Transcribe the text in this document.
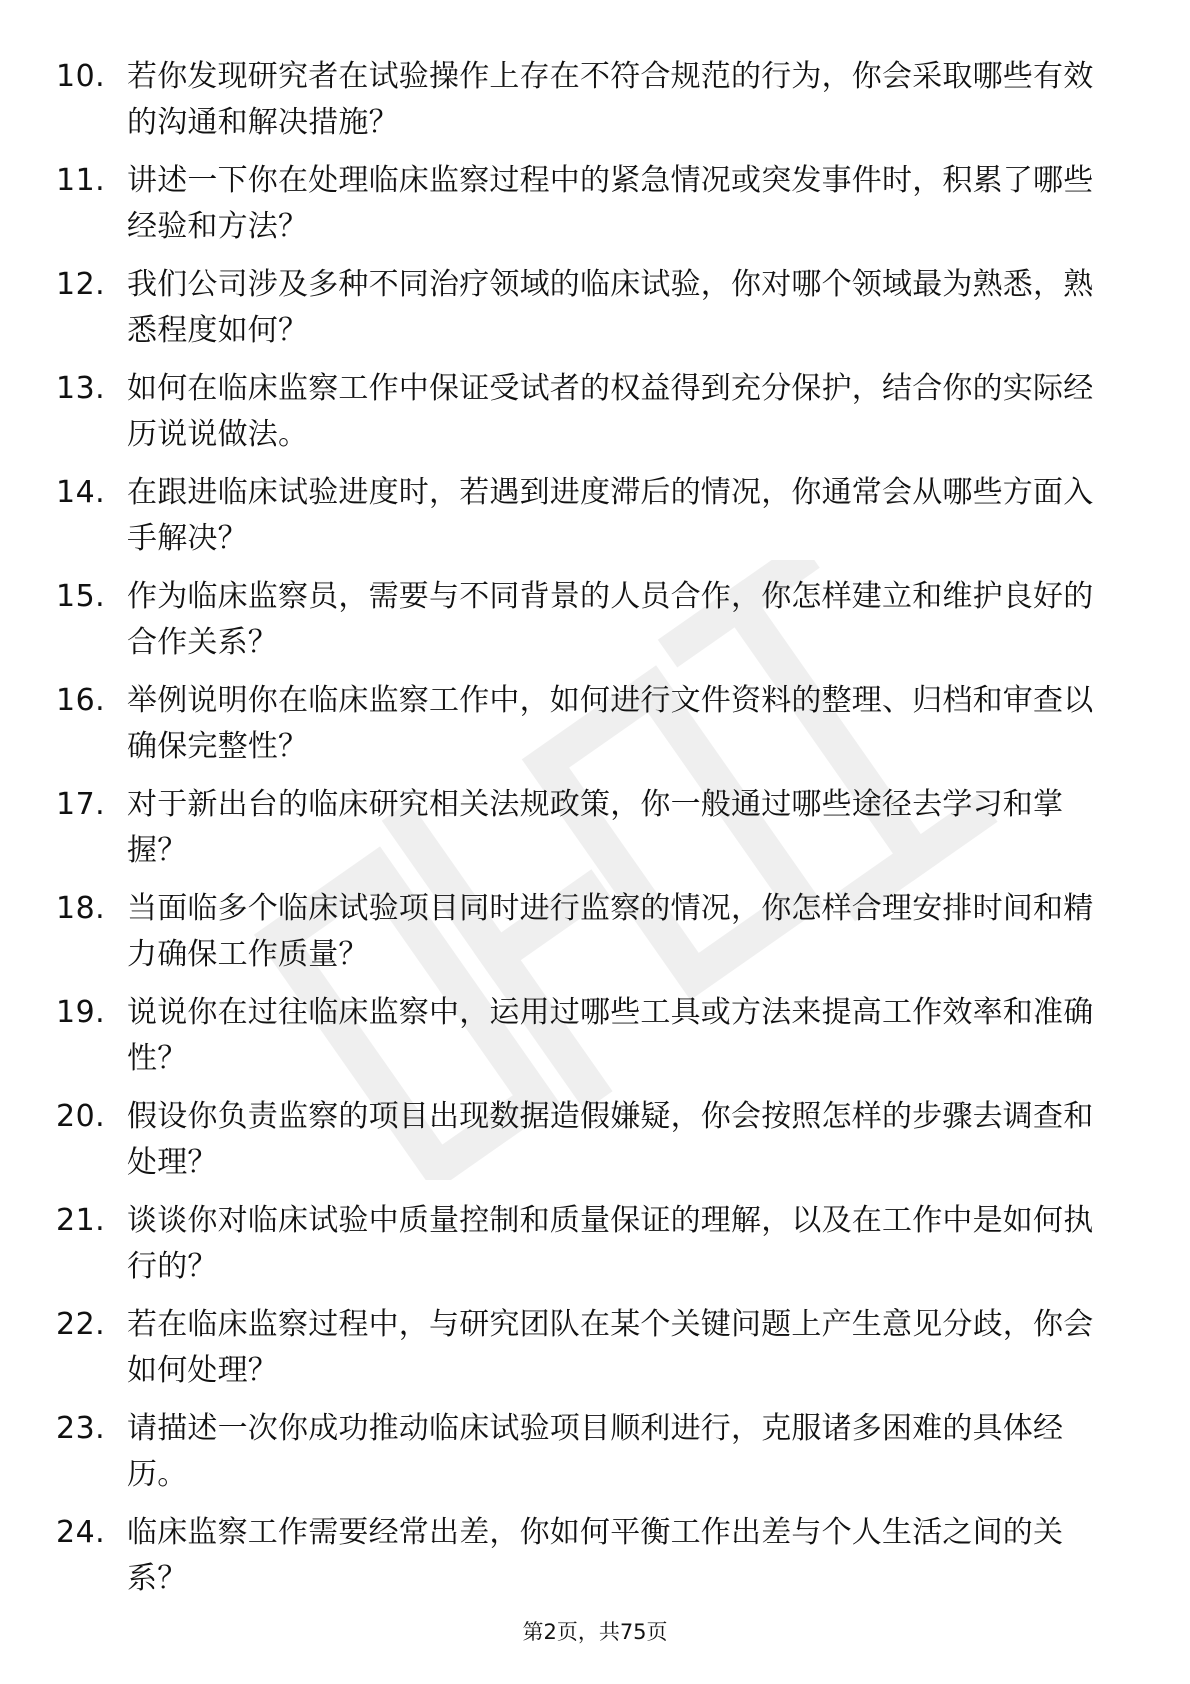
10. 若你发现研究者在试验操作上存在不符合规范的行为，你会采取哪些有效的沟通和解决措施？
11. 讲述一下你在处理临床监察过程中的紧急情况或突发事件时，积累了哪些经验和方法？
12. 我们公司涉及多种不同治疗领域的临床试验，你对哪个领域最为熟悉，熟悉程度如何？
13. 如何在临床监察工作中保证受试者的权益得到充分保护，结合你的实际经历说说做法。
14. 在跟进临床试验进度时，若遇到进度滞后的情况，你通常会从哪些方面入手解决？
15. 作为临床监察员，需要与不同背景的人员合作，你怎样建立和维护良好的合作关系？
16. 举例说明你在临床监察工作中，如何进行文件资料的整理、归档和审查以确保完整性？
17. 对于新出台的临床研究相关法规政策，你一般通过哪些途径去学习和掌握？
18. 当面临多个临床试验项目同时进行监察的情况，你怎样合理安排时间和精力确保工作质量？
19. 说说你在过往临床监察中，运用过哪些工具或方法来提高工作效率和准确性？
20. 假设你负责监察的项目出现数据造假嫌疑，你会按照怎样的步骤去调查和处理？
21. 谈谈你对临床试验中质量控制和质量保证的理解，以及在工作中是如何执行的？
22. 若在临床监察过程中，与研究团队在某个关键问题上产生意见分歧，你会如何处理？
23. 请描述一次你成功推动临床试验项目顺利进行，克服诸多困难的具体经历。
24. 临床监察工作需要经常出差，你如何平衡工作出差与个人生活之间的关系？
第2页，共75页
